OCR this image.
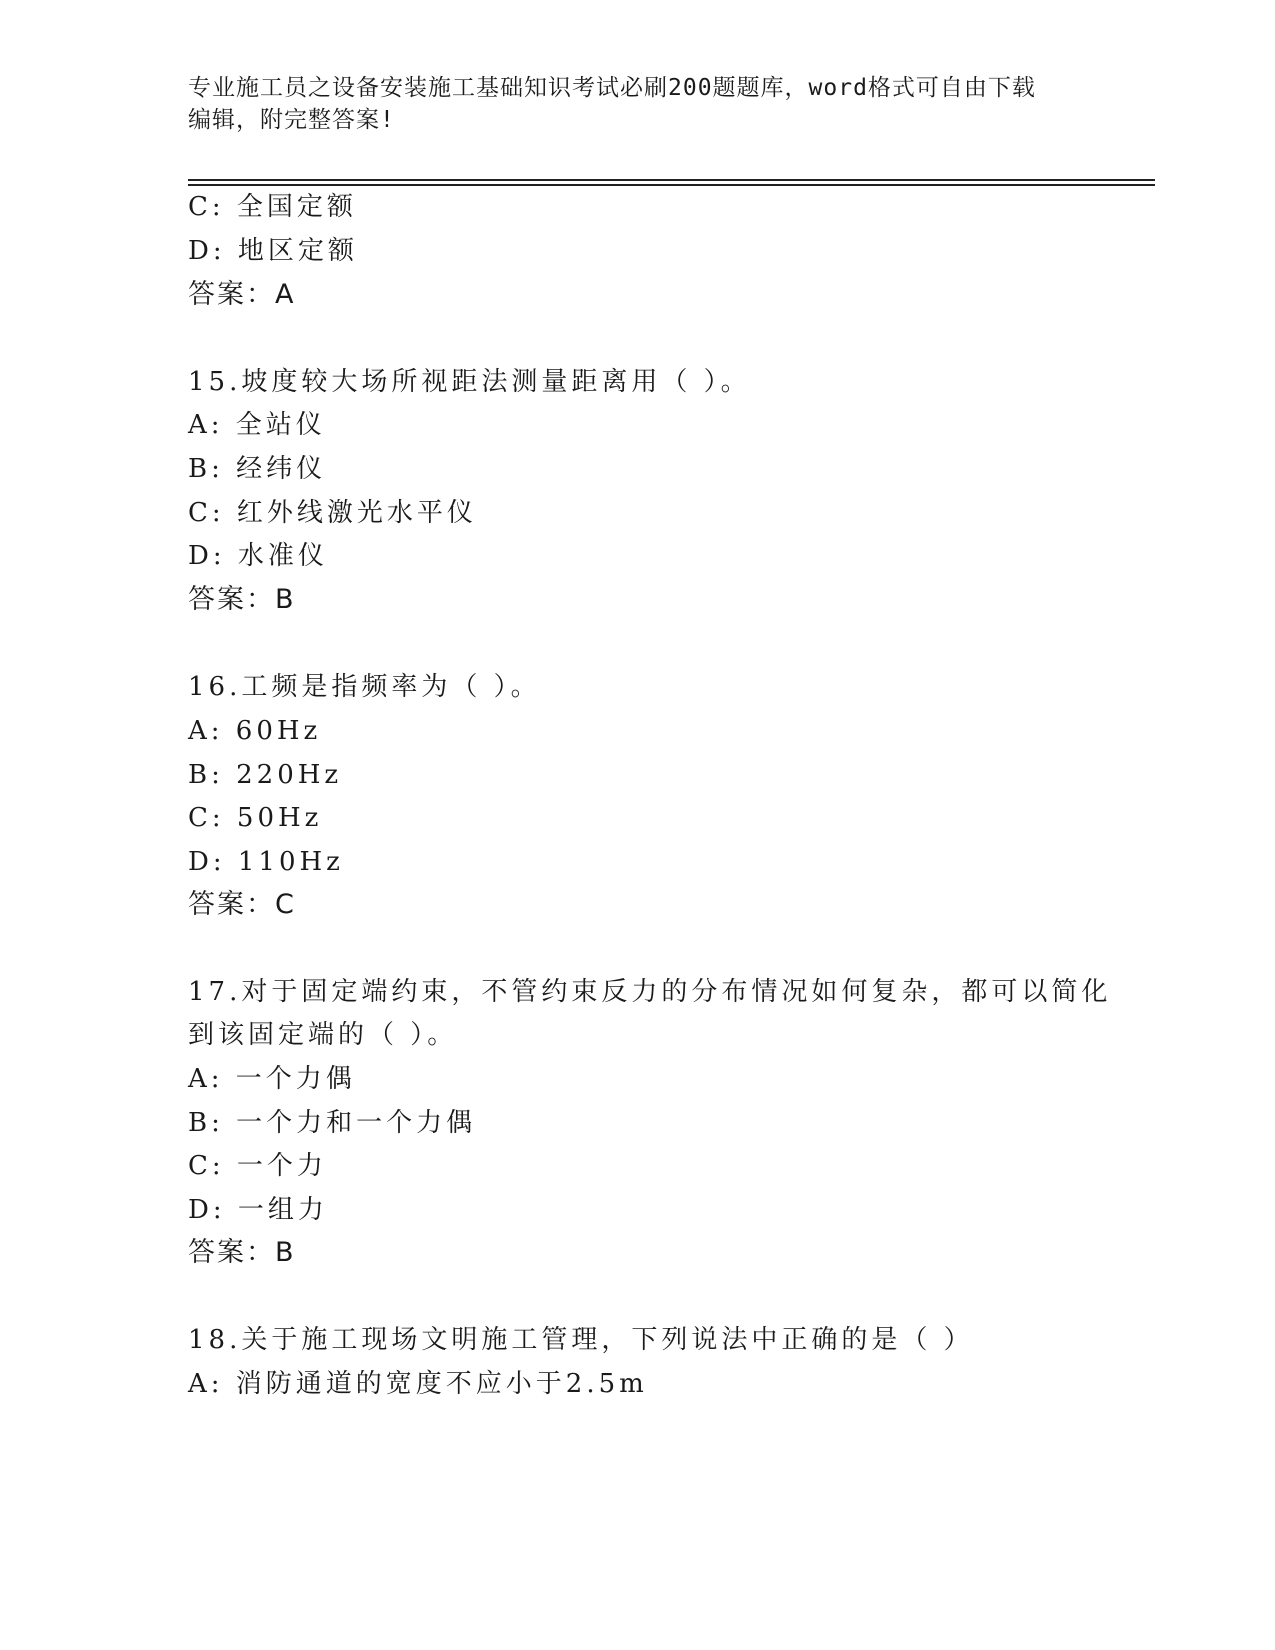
专业施工员之设备安装施工基础知识考试必刷200题题库，word格式可自由下载
编辑，附完整答案!
C: 全国定额
D: 地区定额
答案：A
15.坡度较大场所视距法测量距离用（ ）。
A: 全站仪
B: 经纬仪
C: 红外线激光水平仪
D: 水准仪
答案：B
16.工频是指频率为（ ）。
A: 60Hz
B: 220Hz
C: 50Hz
D: 110Hz
答案：C
17.对于固定端约束，不管约束反力的分布情况如何复杂，都可以简化
到该固定端的（ ）。
A: 一个力偶
B: 一个力和一个力偶
C: 一个力
D: 一组力
答案：B
18.关于施工现场文明施工管理，下列说法中正确的是（ ）
A: 消防通道的宽度不应小于2.5m
